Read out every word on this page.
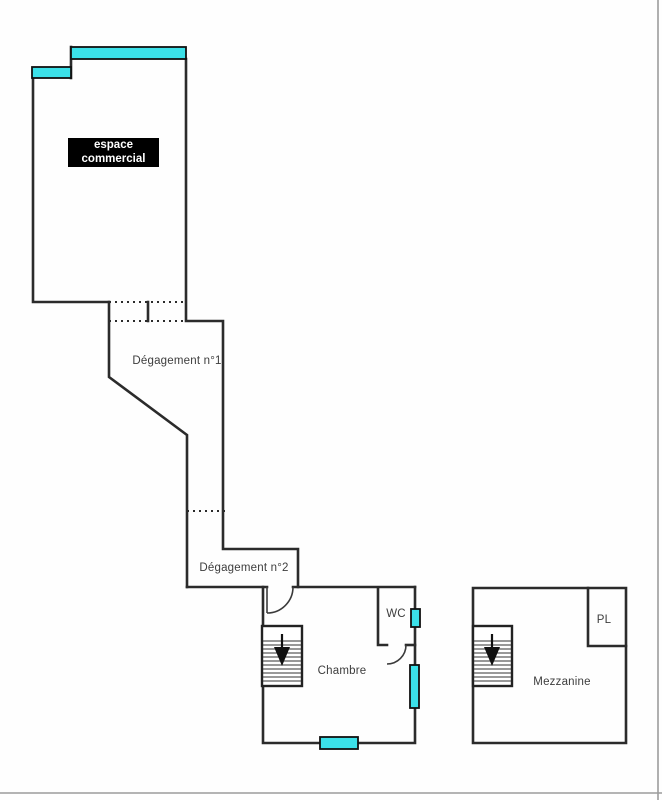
espace commercial
Dégagement n°1
Dégagement n°2
Chambre
WC
Mezzanine
PL
